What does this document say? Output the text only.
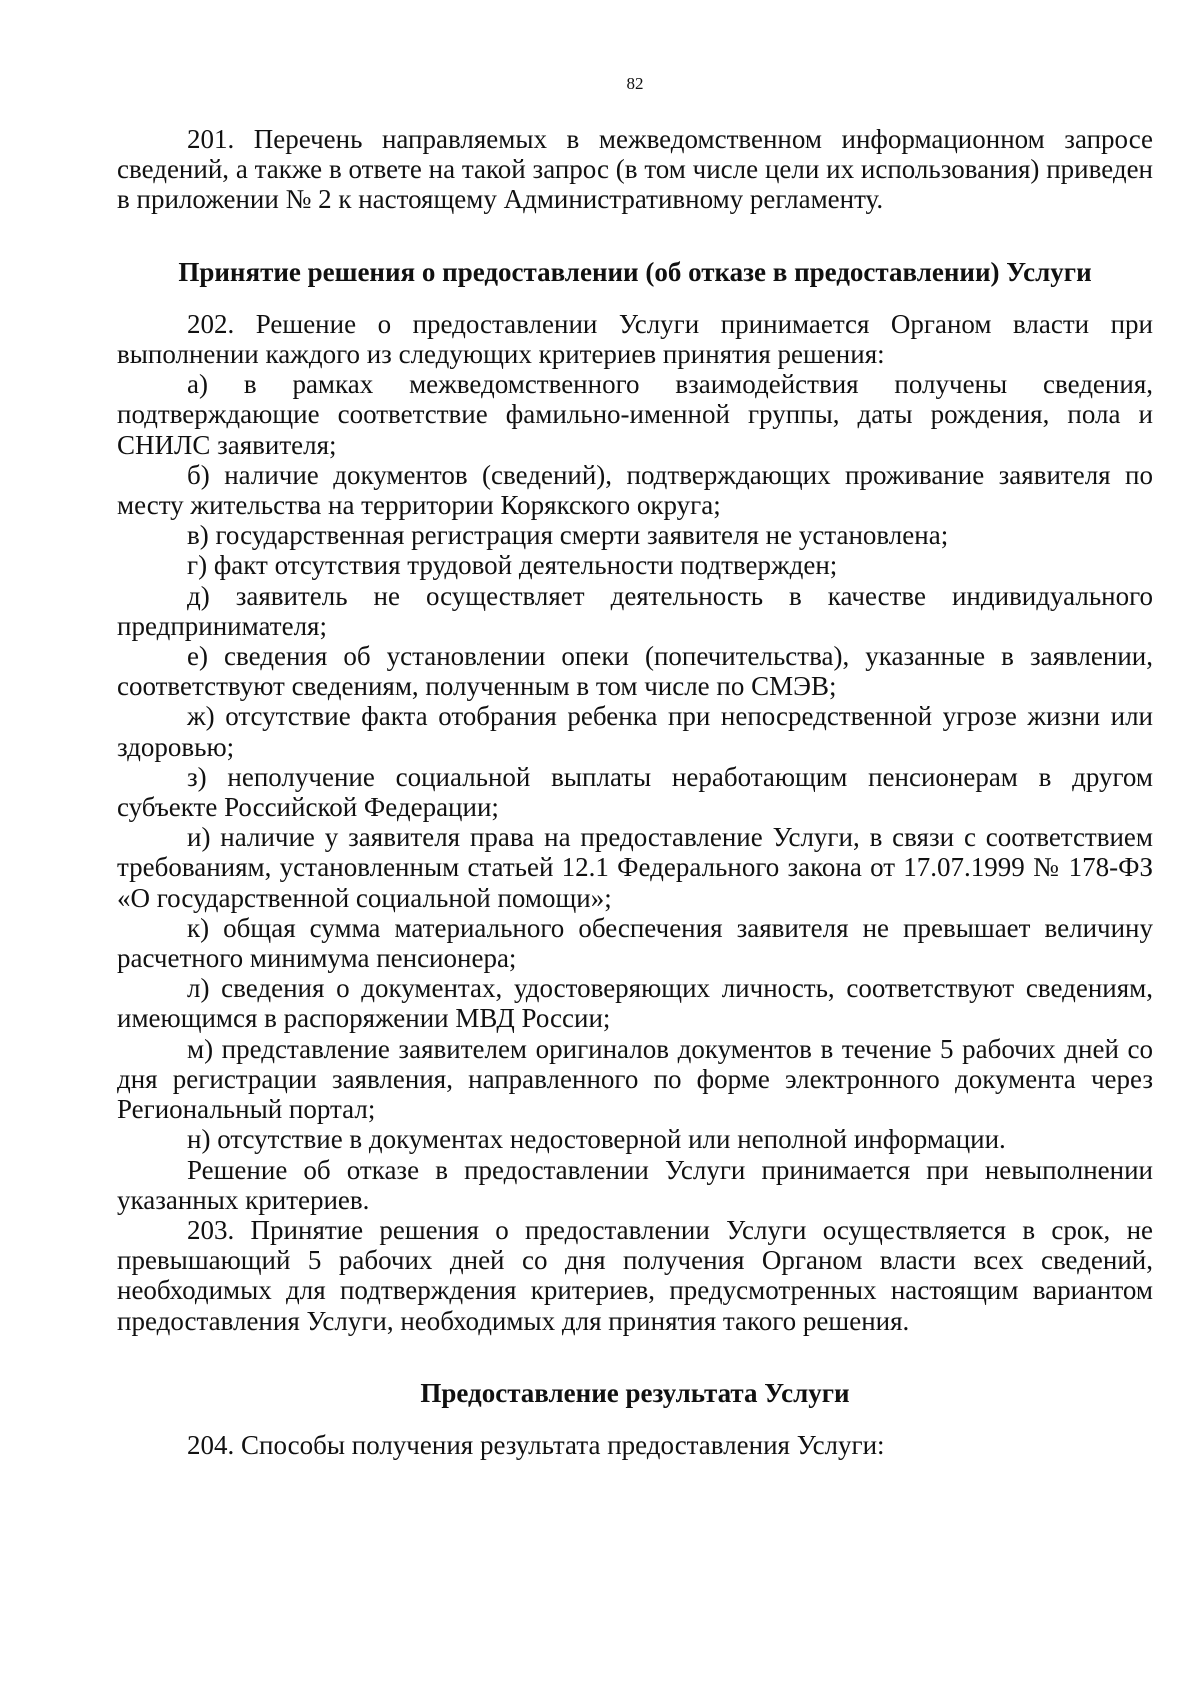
82

201. Перечень направляемых в межведомственном информационном запросе сведений, а также в ответе на такой запрос (в том числе цели их использования) приведен в приложении № 2 к настоящему Административному регламенту.

Принятие решения о предоставлении (об отказе в предоставлении) Услуги

202. Решение о предоставлении Услуги принимается Органом власти при выполнении каждого из следующих критериев принятия решения:

а) в рамках межведомственного взаимодействия получены сведения, подтверждающие соответствие фамильно-именной группы, даты рождения, пола и СНИЛС заявителя;

б) наличие документов (сведений), подтверждающих проживание заявителя по месту жительства на территории Корякского округа;

в) государственная регистрация смерти заявителя не установлена;

г) факт отсутствия трудовой деятельности подтвержден;

д) заявитель не осуществляет деятельность в качестве индивидуального предпринимателя;

е) сведения об установлении опеки (попечительства), указанные в заявлении, соответствуют сведениям, полученным в том числе по СМЭВ;

ж) отсутствие факта отобрания ребенка при непосредственной угрозе жизни или здоровью;

з) неполучение социальной выплаты неработающим пенсионерам в другом субъекте Российской Федерации;

и) наличие у заявителя права на предоставление Услуги, в связи с соответствием требованиям, установленным статьей 12.1 Федерального закона от 17.07.1999 № 178-ФЗ «О государственной социальной помощи»;

к) общая сумма материального обеспечения заявителя не превышает величину расчетного минимума пенсионера;

л) сведения о документах, удостоверяющих личность, соответствуют сведениям, имеющимся в распоряжении МВД России;

м) представление заявителем оригиналов документов в течение 5 рабочих дней со дня регистрации заявления, направленного по форме электронного документа через Региональный портал;

н) отсутствие в документах недостоверной или неполной информации.

Решение об отказе в предоставлении Услуги принимается при невыполнении указанных критериев.

203. Принятие решения о предоставлении Услуги осуществляется в срок, не превышающий 5 рабочих дней со дня получения Органом власти всех сведений, необходимых для подтверждения критериев, предусмотренных настоящим вариантом предоставления Услуги, необходимых для принятия такого решения.

Предоставление результата Услуги

204. Способы получения результата предоставления Услуги:
